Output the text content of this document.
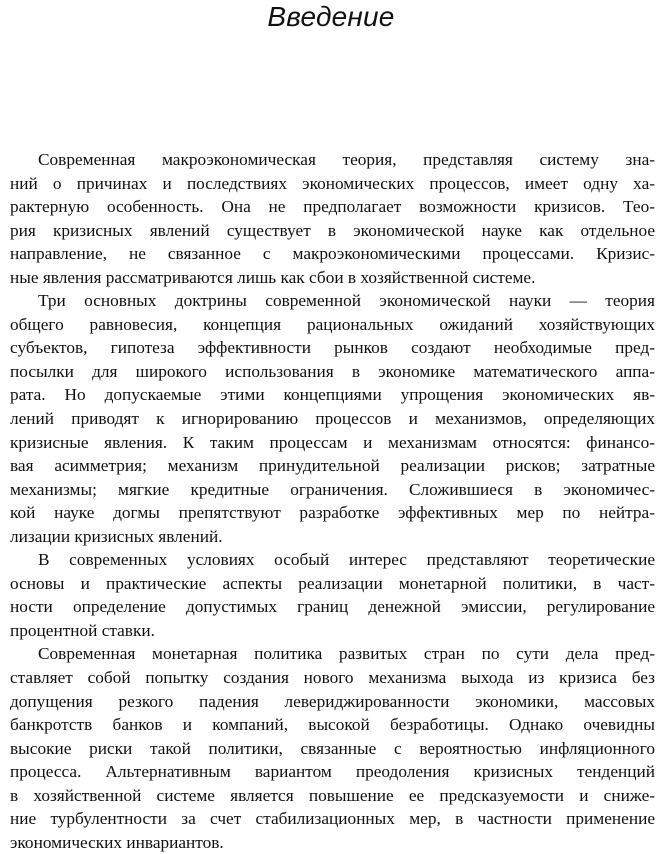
Введение
Современная макроэкономическая теория, представляя систему зна-
ний о причинах и последствиях экономических процессов, имеет одну ха-
рактерную особенность. Она не предполагает возможности кризисов. Тео-
рия кризисных явлений существует в экономической науке как отдельное
направление, не связанное с макроэкономическими процессами. Кризис-
ные явления рассматриваются лишь как сбои в хозяйственной системе.
Три основных доктрины современной экономической науки — теория
общего равновесия, концепция рациональных ожиданий хозяйствующих
субъектов, гипотеза эффективности рынков создают необходимые пред-
посылки для широкого использования в экономике математического аппа-
рата. Но допускаемые этими концепциями упрощения экономических яв-
лений приводят к игнорированию процессов и механизмов, определяющих
кризисные явления. К таким процессам и механизмам относятся: финансо-
вая асимметрия; механизм принудительной реализации рисков; затратные
механизмы; мягкие кредитные ограничения. Сложившиеся в экономичес-
кой науке догмы препятствуют разработке эффективных мер по нейтра-
лизации кризисных явлений.
В современных условиях особый интерес представляют теоретические
основы и практические аспекты реализации монетарной политики, в част-
ности определение допустимых границ денежной эмиссии, регулирование
процентной ставки.
Современная монетарная политика развитых стран по сути дела пред-
ставляет собой попытку создания нового механизма выхода из кризиса без
допущения резкого падения левериджированности экономики, массовых
банкротств банков и компаний, высокой безработицы. Однако очевидны
высокие риски такой политики, связанные с вероятностью инфляционного
процесса. Альтернативным вариантом преодоления кризисных тенденций
в хозяйственной системе является повышение ее предсказуемости и сниже-
ние турбулентности за счет стабилизационных мер, в частности применение
экономических инвариантов.
